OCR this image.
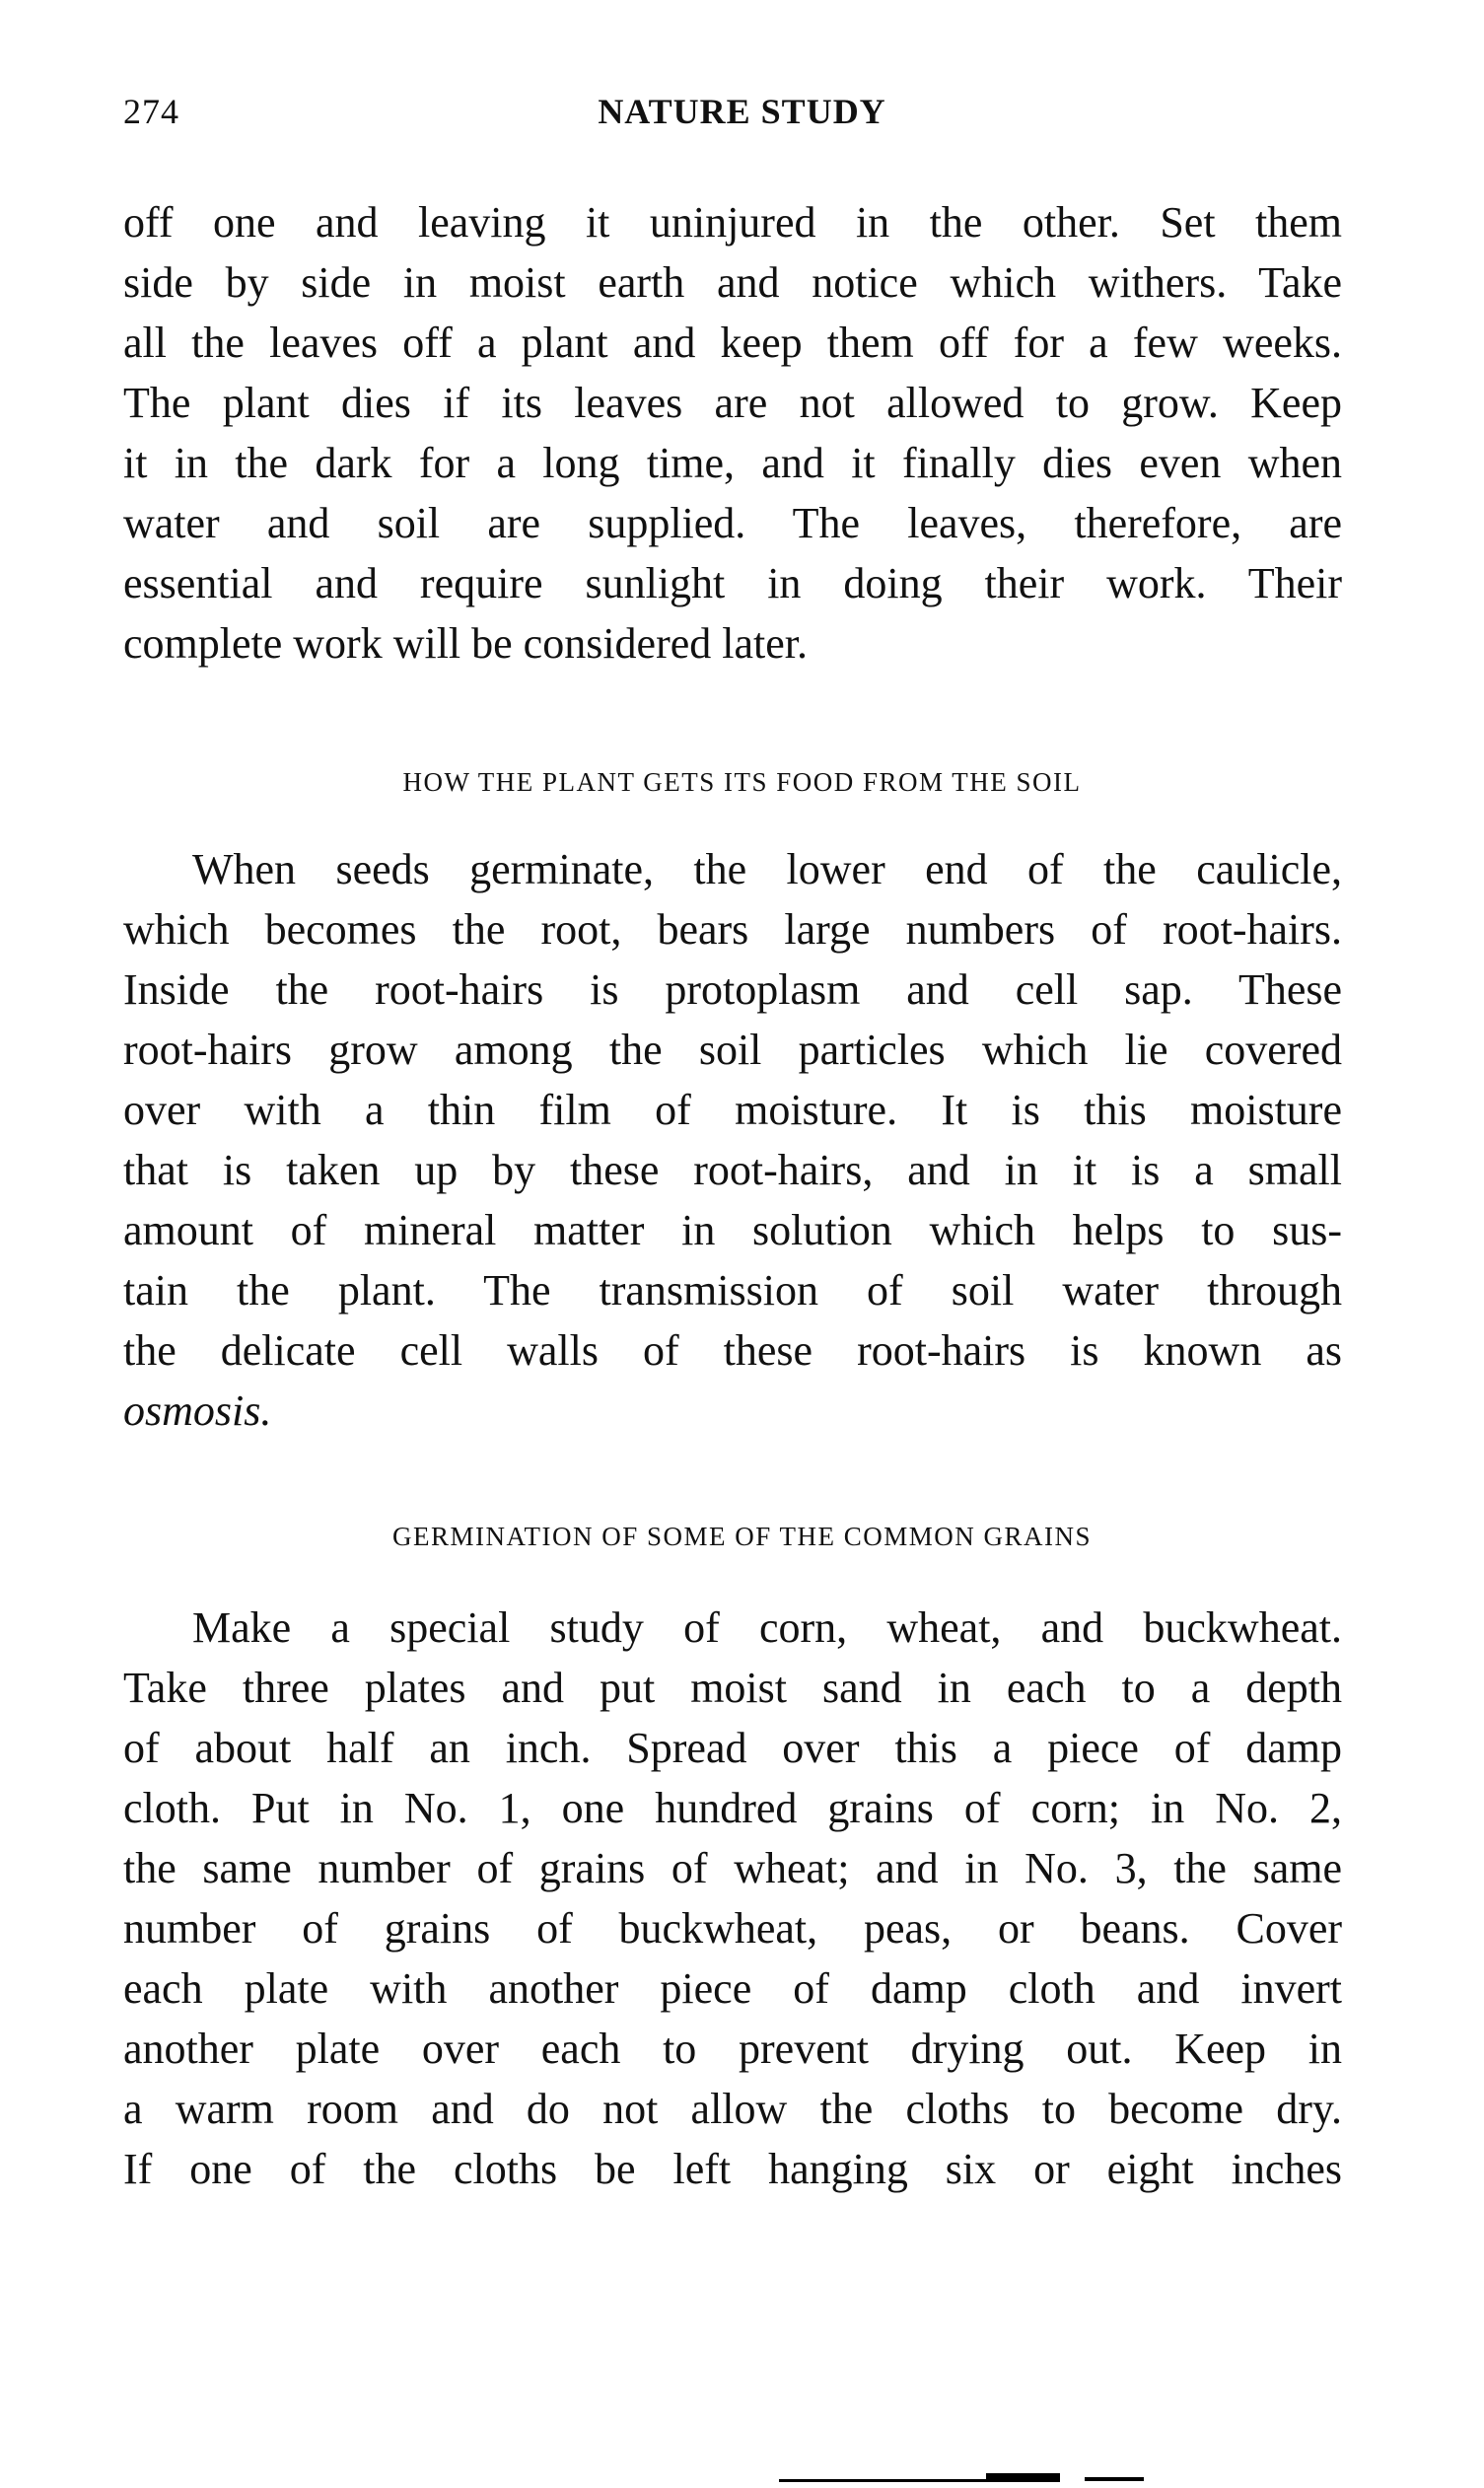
274	NATURE STUDY
off one and leaving it uninjured in the other. Set them
side by side in moist earth and notice which withers. Take
all the leaves off a plant and keep them off for a few weeks.
The plant dies if its leaves are not allowed to grow. Keep
it in the dark for a long time, and it finally dies even when
water and soil are supplied. The leaves, therefore, are
essential and require sunlight in doing their work. Their
complete work will be considered later.
HOW THE PLANT GETS ITS FOOD FROM THE SOIL
When seeds germinate, the lower end of the caulicle,
which becomes the root, bears large numbers of root-hairs.
Inside the root-hairs is protoplasm and cell sap. These
root-hairs grow among the soil particles which lie covered
over with a thin film of moisture. It is this moisture
that is taken up by these root-hairs, and in it is a small
amount of mineral matter in solution which helps to sus-
tain the plant. The transmission of soil water through
the delicate cell walls of these root-hairs is known as
osmosis.
GERMINATION OF SOME OF THE COMMON GRAINS
Make a special study of corn, wheat, and buckwheat.
Take three plates and put moist sand in each to a depth
of about half an inch. Spread over this a piece of damp
cloth. Put in No. 1, one hundred grains of corn; in No. 2,
the same number of grains of wheat; and in No. 3, the same
number of grains of buckwheat, peas, or beans. Cover
each plate with another piece of damp cloth and invert
another plate over each to prevent drying out. Keep in
a warm room and do not allow the cloths to become dry.
If one of the cloths be left hanging six or eight inches
